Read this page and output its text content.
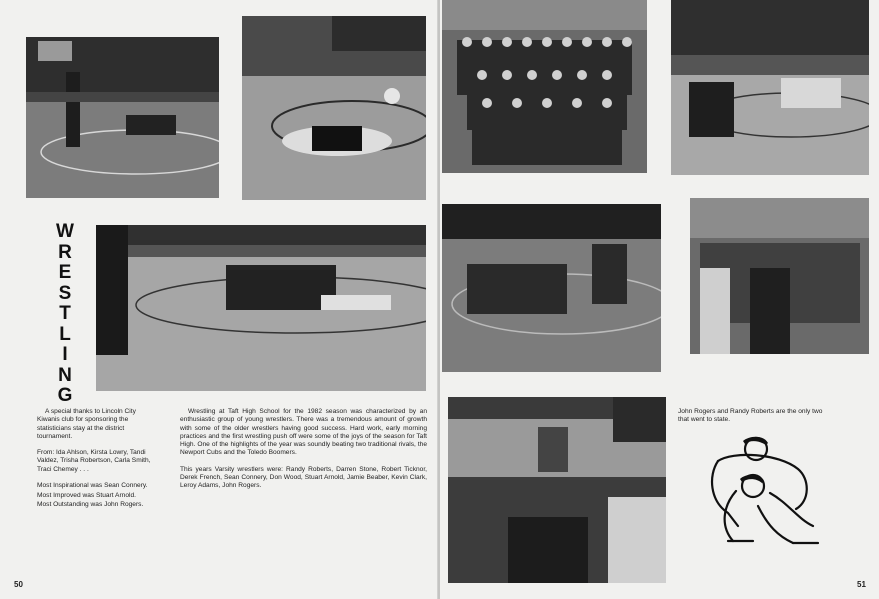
W
R
E
S
T
L
I
N
G

A special thanks to Lincoln City Kiwanis club for sponsoring the statisticians stay at the district tournament.

From: Ida Ahlson, Kirsta Lowry, Tandi Valdez, Trisha Robertson, Carla Smith, Traci Chemey . . .

Most Inspirational was Sean Connery.

Most Improved was Stuart Arnold.

Most Outstanding was John Rogers.

Wrestling at Taft High School for the 1982 season was characterized by an enthusiastic group of young wrestlers. There was a tremendous amount of growth with some of the older wrestlers having good success. Hard work, early morning practices and the first wrestling push off were some of the joys of the season for Taft High. One of the highlights of the year was soundly beating two traditional rivals, the Newport Cubs and the Toledo Boomers.

This years Varsity wrestlers were: Randy Roberts, Darren Stone, Robert Ticknor, Derek French, Sean Connery, Don Wood, Stuart Arnold, Jamie Beaber, Kevin Clark, Leroy Adams, John Rogers.

50

John Rogers and Randy Roberts are the only two that went to state.

51
